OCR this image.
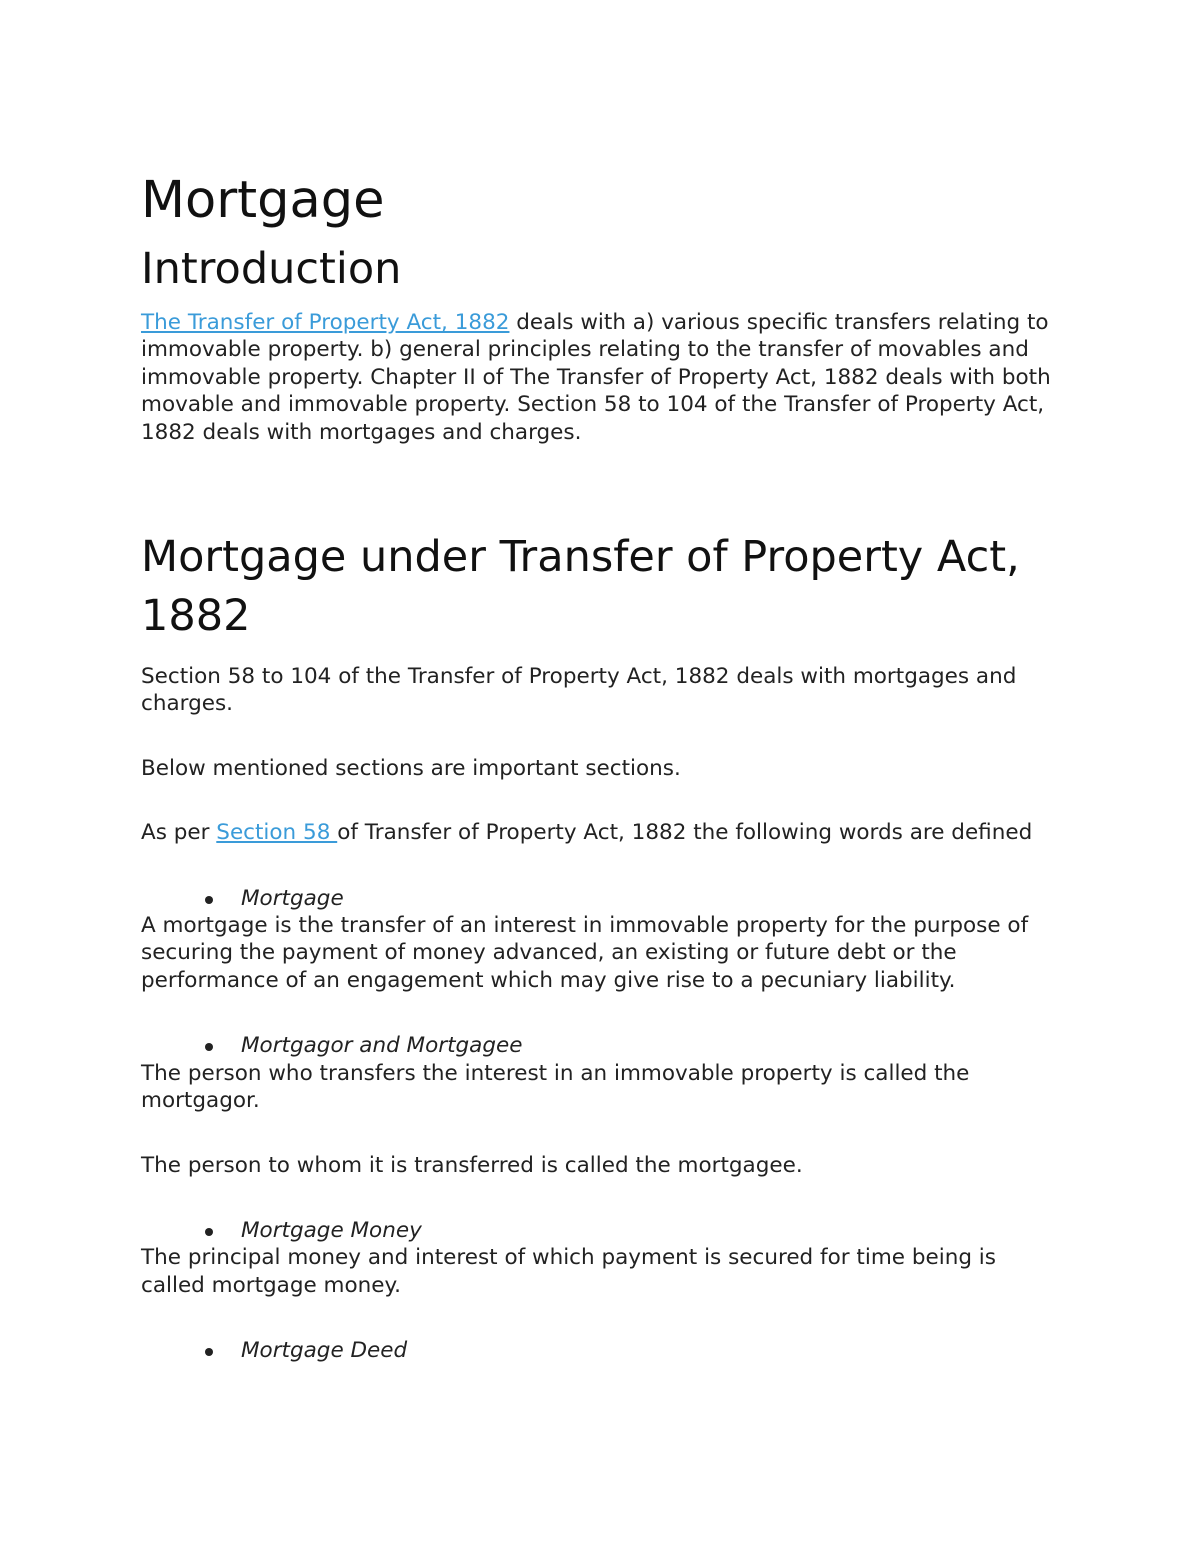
Mortgage
Introduction

The Transfer of Property Act, 1882 deals with a) various specific transfers relating to immovable property. b) general principles relating to the transfer of movables and immovable property. Chapter II of The Transfer of Property Act, 1882 deals with both movable and immovable property. Section 58 to 104 of the Transfer of Property Act, 1882 deals with mortgages and charges.

Mortgage under Transfer of Property Act, 1882

Section 58 to 104 of the Transfer of Property Act, 1882 deals with mortgages and charges.

Below mentioned sections are important sections.

As per Section 58 of Transfer of Property Act, 1882 the following words are defined

Mortgage

A mortgage is the transfer of an interest in immovable property for the purpose of securing the payment of money advanced, an existing or future debt or the performance of an engagement which may give rise to a pecuniary liability.

Mortgagor and Mortgagee

The person who transfers the interest in an immovable property is called the mortgagor.

The person to whom it is transferred is called the mortgagee.

Mortgage Money

The principal money and interest of which payment is secured for time being is called mortgage money.

Mortgage Deed
